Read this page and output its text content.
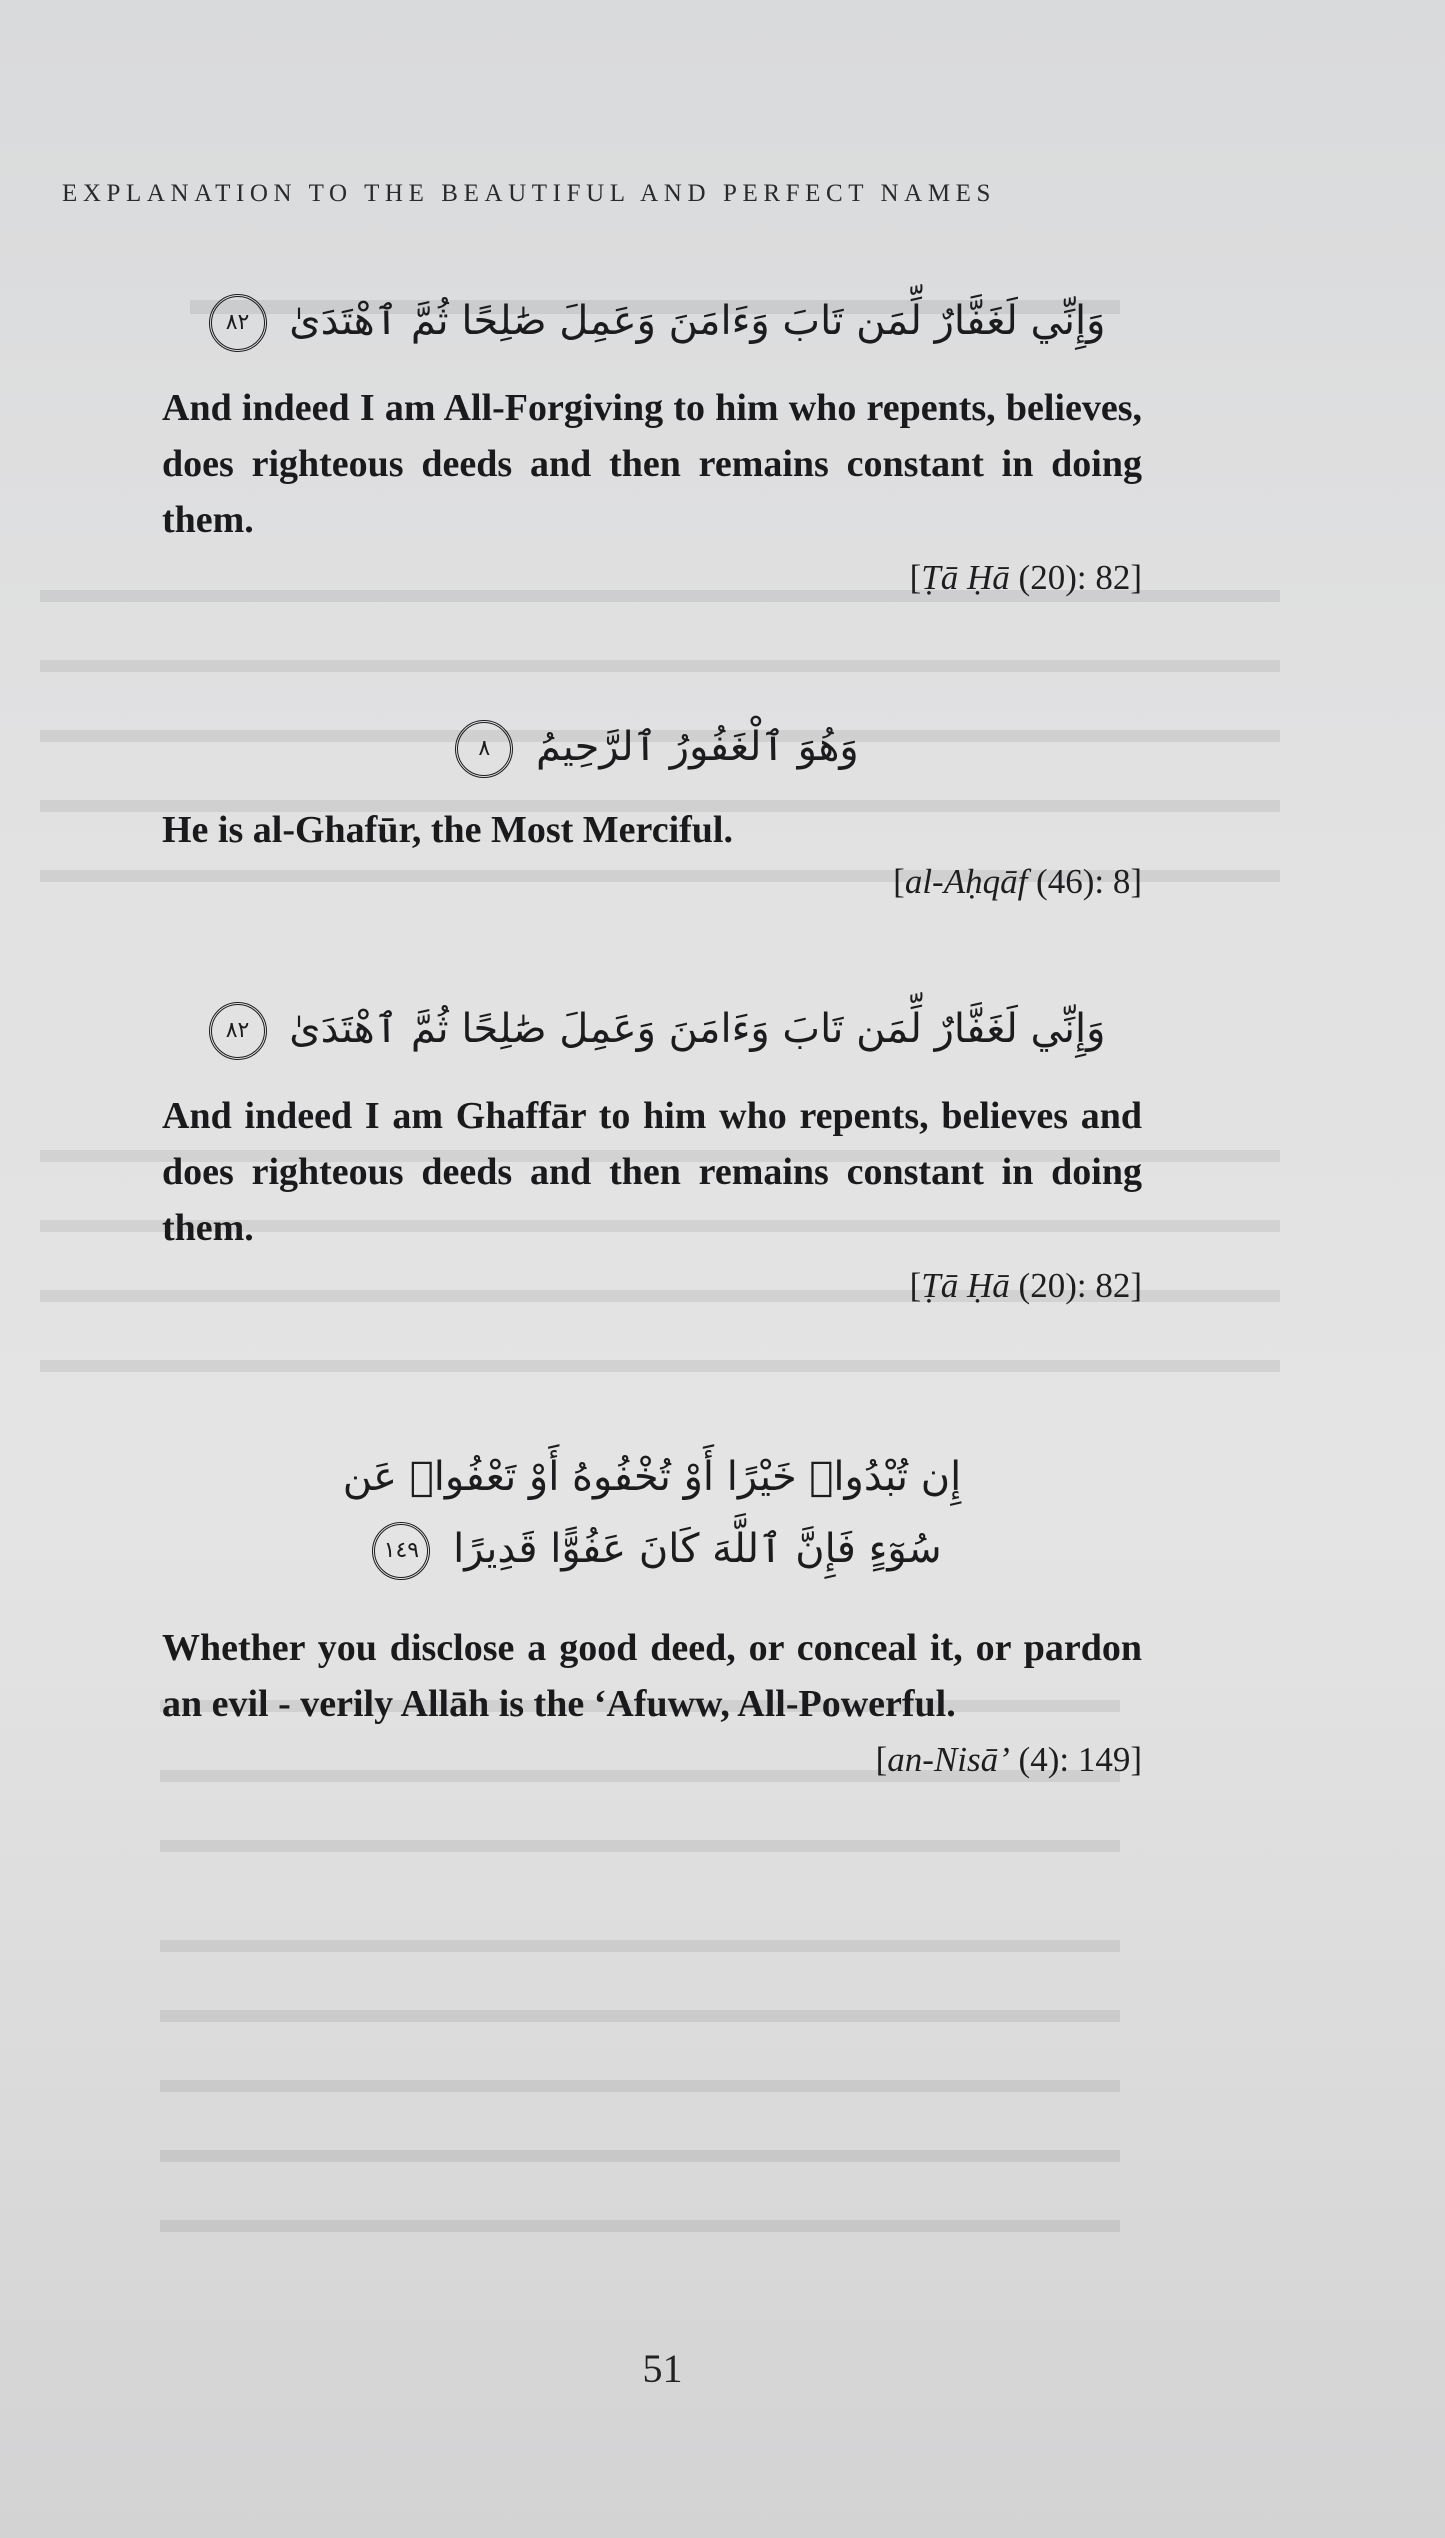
EXPLANATION TO THE BEAUTIFUL AND PERFECT NAMES
وَإِنِّي لَغَفَّارٌ لِّمَن تَابَ وَءَامَنَ وَعَمِلَ صَٰلِحًا ثُمَّ ٱهْتَدَىٰ ٨٢
And indeed I am All-Forgiving to him who repents, believes, does righteous deeds and then remains constant in doing them.
[Ṭā Ḥā (20): 82]
وَهُوَ ٱلْغَفُورُ ٱلرَّحِيمُ ٨
He is al-Ghafūr, the Most Merciful.
[al-Aḥqāf (46): 8]
وَإِنِّي لَغَفَّارٌ لِّمَن تَابَ وَءَامَنَ وَعَمِلَ صَٰلِحًا ثُمَّ ٱهْتَدَىٰ ٨٢
And indeed I am Ghaffār to him who repents, believes and does righteous deeds and then remains constant in doing them.
[Ṭā Ḥā (20): 82]
إِن تُبْدُوا۟ خَيْرًا أَوْ تُخْفُوهُ أَوْ تَعْفُوا۟ عَن
سُوٓءٍ فَإِنَّ ٱللَّهَ كَانَ عَفُوًّا قَدِيرًا ١٤٩
Whether you disclose a good deed, or conceal it, or pardon an evil - verily Allāh is the ‘Afuww, All-Powerful.
[an-Nisā’ (4): 149]
51
